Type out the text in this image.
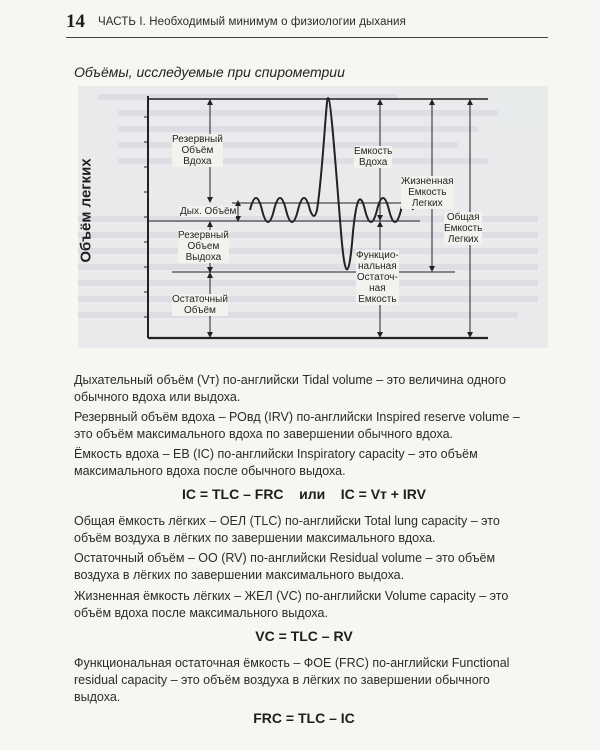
14 ЧАСТЬ I. Необходимый минимум о физиологии дыхания
Объёмы, исследуемые при спирометрии
Объём легких
Резервный
Объём
Вдоха
Дых. Объём
Резервный
Объем
Выдоха
Остаточный
Объём
Емкость
Вдоха
Жизненная
Емкость
Легких
Общая
Емкость
Легких
Функцио-
нальная
Остаточ-
ная
Емкость
Дыхательный объём (Vт) по-английски Tidal volume – это величина одного обычного вдоха или выдоха.
Резервный объём вдоха – РОвд (IRV) по-английски Inspired reserve volume – это объём максимального вдоха по завершении обычного вдоха.
Ёмкость вдоха – ЕВ (IC) по-английски Inspiratory capacity – это объём максимального вдоха после обычного выдоха.
IC = TLC – FRC    или    IC = Vт + IRV
Общая ёмкость лёгких – ОЕЛ (TLC) по-английски Total lung capacity – это объём воздуха в лёгких по завершении максимального вдоха.
Остаточный объём – ОО (RV) по-английски Residual volume – это объём воздуха в лёгких по завершении максимального выдоха.
Жизненная ёмкость лёгких – ЖЕЛ (VC) по-английски Volume capacity – это объём вдоха после максимального выдоха.
VC = TLC – RV
Функциональная остаточная ёмкость – ФОЕ (FRC) по-английски Functional residual capacity – это объём воздуха в лёгких по завершении обычного выдоха.
FRC = TLC – IC
